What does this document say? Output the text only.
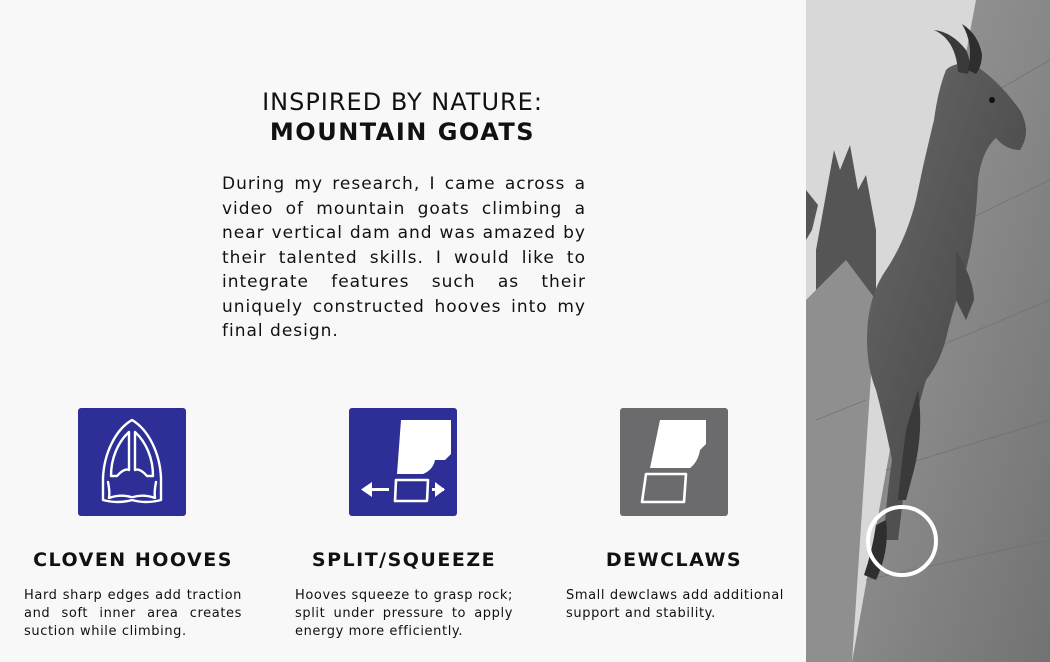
INSPIRED BY NATURE:
MOUNTAIN GOATS
During my research, I came across a video of mountain goats climbing a near vertical dam and was amazed by their talented skills. I would like to integrate features such as their uniquely constructed hooves into my final design.
CLOVEN HOOVES
Hard sharp edges add traction and soft inner area creates suction while climbing.
SPLIT/SQUEEZE
Hooves squeeze to grasp rock; split under pressure to apply energy more efficiently.
DEWCLAWS
Small dewclaws add additional support and stability.
